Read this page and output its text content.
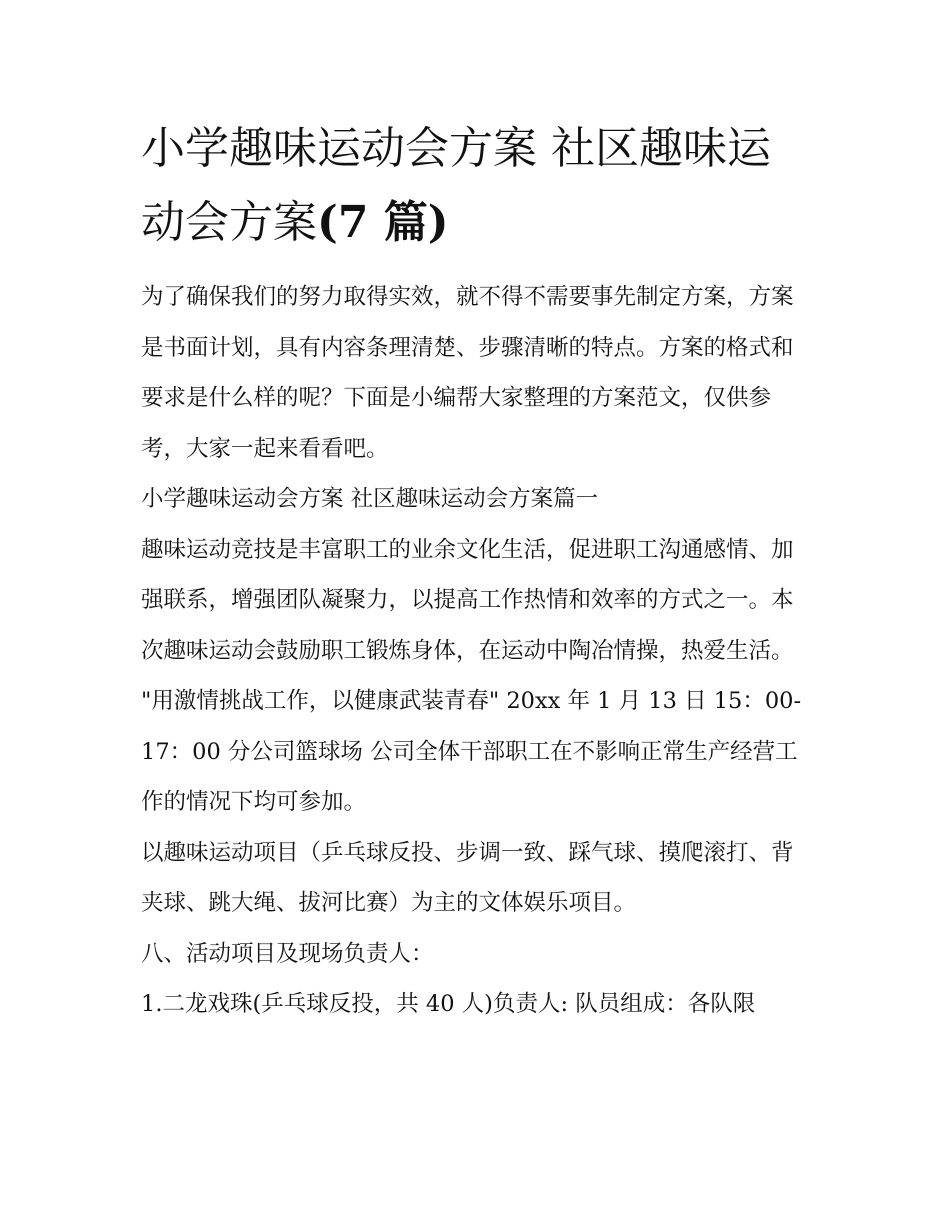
小学趣味运动会方案 社区趣味运动会方案(7 篇)

为了确保我们的努力取得实效，就不得不需要事先制定方案，方案是书面计划，具有内容条理清楚、步骤清晰的特点。方案的格式和要求是什么样的呢？下面是小编帮大家整理的方案范文，仅供参考，大家一起来看看吧。

小学趣味运动会方案 社区趣味运动会方案篇一

趣味运动竞技是丰富职工的业余文化生活，促进职工沟通感情、加强联系，增强团队凝聚力，以提高工作热情和效率的方式之一。本次趣味运动会鼓励职工锻炼身体，在运动中陶冶情操，热爱生活。

"用激情挑战工作，以健康武装青春" 20xx 年 1 月 13 日 15：00-17：00 分公司篮球场 公司全体干部职工在不影响正常生产经营工作的情况下均可参加。

以趣味运动项目（乒乓球反投、步调一致、踩气球、摸爬滚打、背夹球、跳大绳、拔河比赛）为主的文体娱乐项目。

八、活动项目及现场负责人：

1.二龙戏珠(乒乓球反投，共 40 人)负责人: 队员组成：各队限
